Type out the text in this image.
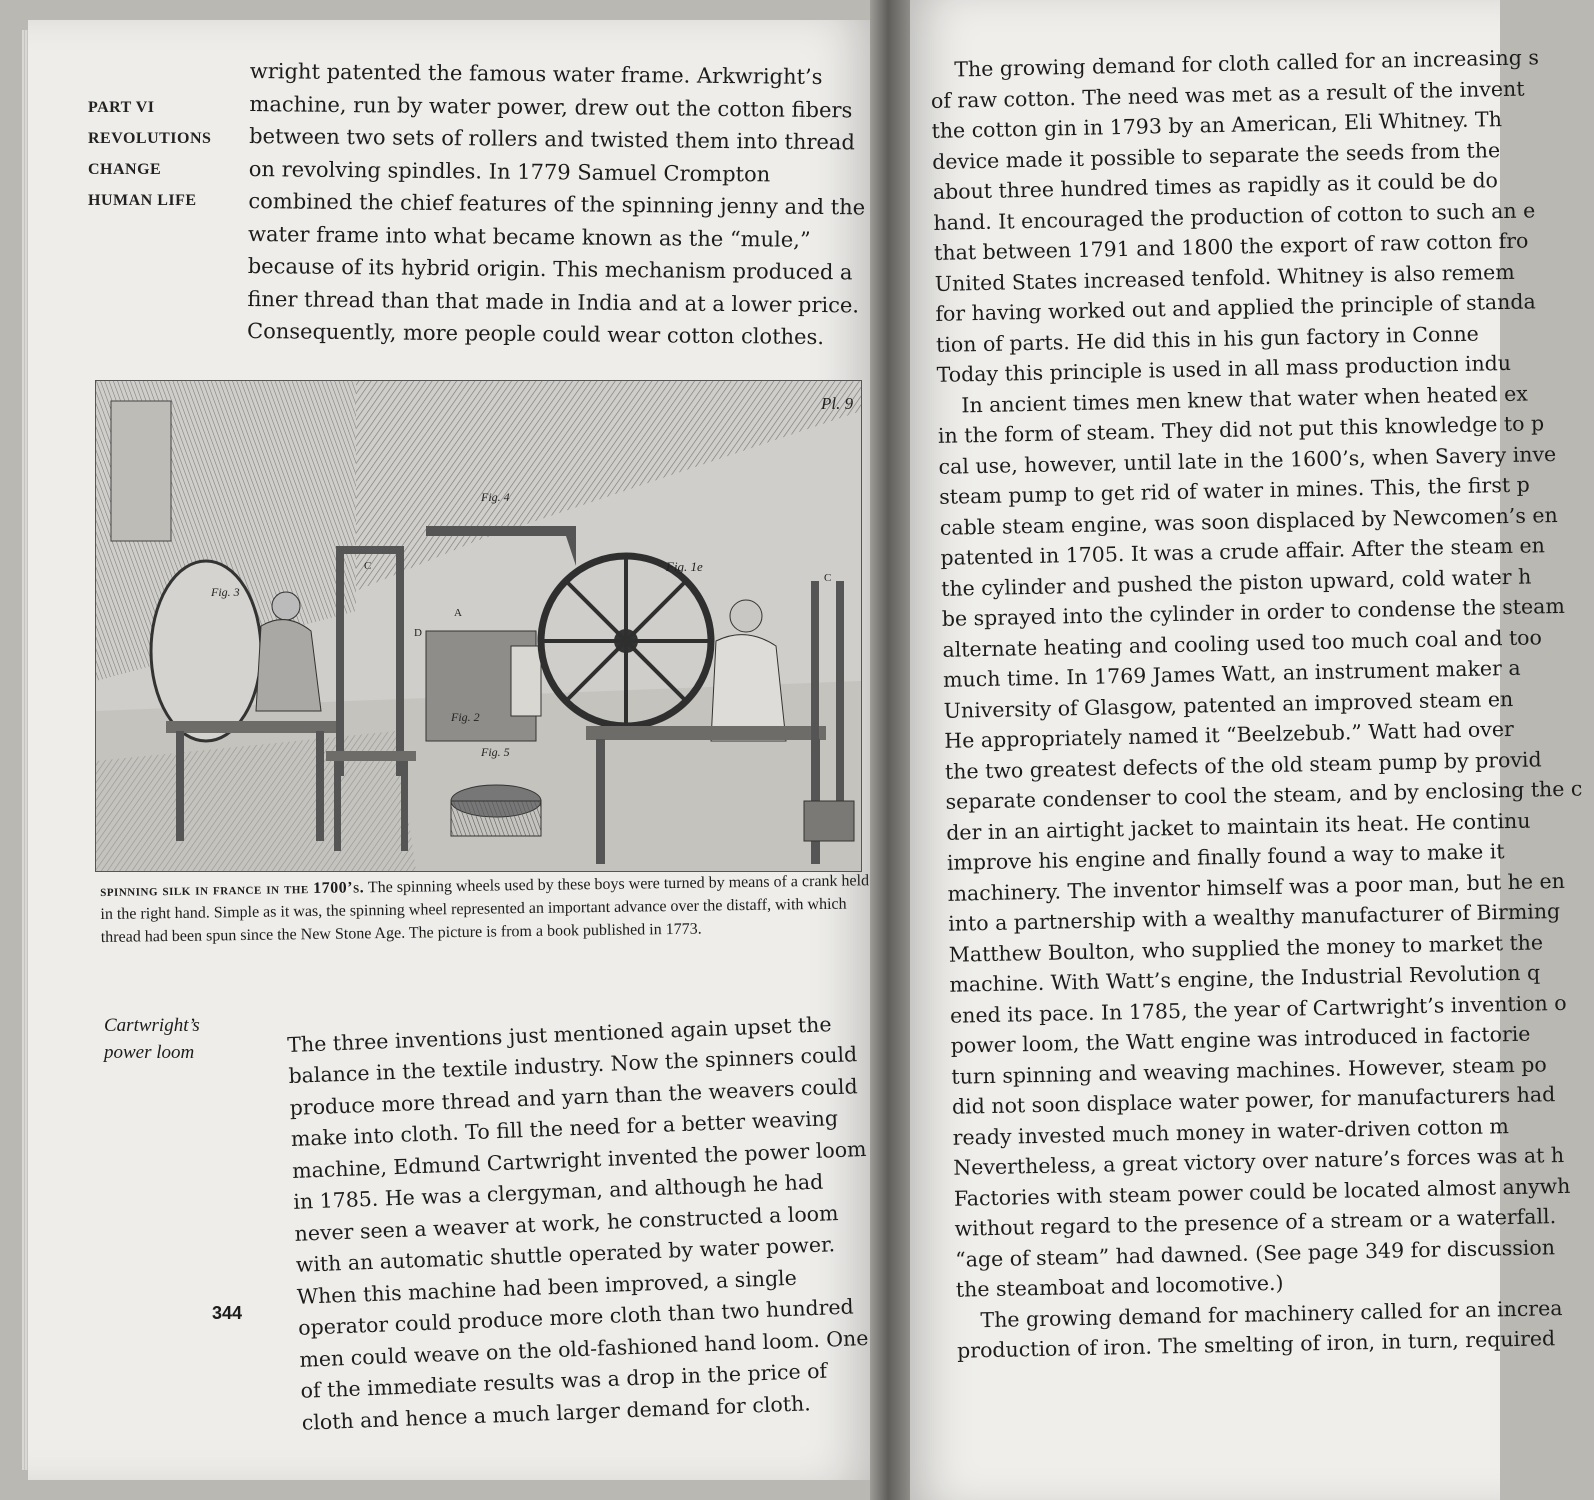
PART VI
REVOLUTIONS
CHANGE
HUMAN LIFE

wright patented the famous water frame. Arkwright’s machine, run by water power, drew out the cotton fibers between two sets of rollers and twisted them into thread on revolving spindles. In 1779 Samuel Crompton combined the chief features of the spinning jenny and the water frame into what became known as the “mule,” because of its hybrid origin. This mechanism produced a finer thread than that made in India and at a lower price. Consequently, more people could wear cotton clothes.

Pl. 9
Fig. 4
Fig. 1e
Fig. 3
Fig. 5
Fig. 2
C
D
A
C
spinning silk in france in the 1700’s. The spinning wheels used by these boys were turned by means of a crank held in the right hand. Simple as it was, the spinning wheel represented an important advance over the distaff, with which thread had been spun since the New Stone Age. The picture is from a book published in 1773.
Cartwright’s
power loom	The three inventions just mentioned again upset the balance in the textile industry. Now the spinners could produce more thread and yarn than the weavers could make into cloth. To fill the need for a better weaving machine, Edmund Cartwright invented the power loom in 1785. He was a clergyman, and although he had never seen a weaver at work, he constructed a loom with an automatic shuttle operated by water power. When this machine had been improved, a single operator could produce more cloth than two hundred men could weave on the old-fashioned hand loom. One of the immediate results was a drop in the price of cloth and hence a much larger demand for cloth.

344
The growing demand for cloth called for an increasing s
of raw cotton. The need was met as a result of the invent
the cotton gin in 1793 by an American, Eli Whitney. Th
device made it possible to separate the seeds from the
about three hundred times as rapidly as it could be do
hand. It encouraged the production of cotton to such an e
that between 1791 and 1800 the export of raw cotton fro
United States increased tenfold. Whitney is also remem
for having worked out and applied the principle of standa
tion of parts. He did this in his gun factory in Conne
Today this principle is used in all mass production indu
In ancient times men knew that water when heated ex
in the form of steam. They did not put this knowledge to p
cal use, however, until late in the 1600’s, when Savery inve
steam pump to get rid of water in mines. This, the first p
cable steam engine, was soon displaced by Newcomen’s en
patented in 1705. It was a crude affair. After the steam en
the cylinder and pushed the piston upward, cold water h
be sprayed into the cylinder in order to condense the steam
alternate heating and cooling used too much coal and too
much time. In 1769 James Watt, an instrument maker a
University of Glasgow, patented an improved steam en
He appropriately named it “Beelzebub.” Watt had over
the two greatest defects of the old steam pump by provid
separate condenser to cool the steam, and by enclosing the c
der in an airtight jacket to maintain its heat. He continu
improve his engine and finally found a way to make it
machinery. The inventor himself was a poor man, but he en
into a partnership with a wealthy manufacturer of Birming
Matthew Boulton, who supplied the money to market the
machine. With Watt’s engine, the Industrial Revolution q
ened its pace. In 1785, the year of Cartwright’s invention o
power loom, the Watt engine was introduced in factorie
turn spinning and weaving machines. However, steam po
did not soon displace water power, for manufacturers had
ready invested much money in water-driven cotton m
Nevertheless, a great victory over nature’s forces was at h
Factories with steam power could be located almost anywh
without regard to the presence of a stream or a waterfall.
“age of steam” had dawned. (See page 349 for discussion
the steamboat and locomotive.)
The growing demand for machinery called for an increa
production of iron. The smelting of iron, in turn, required
